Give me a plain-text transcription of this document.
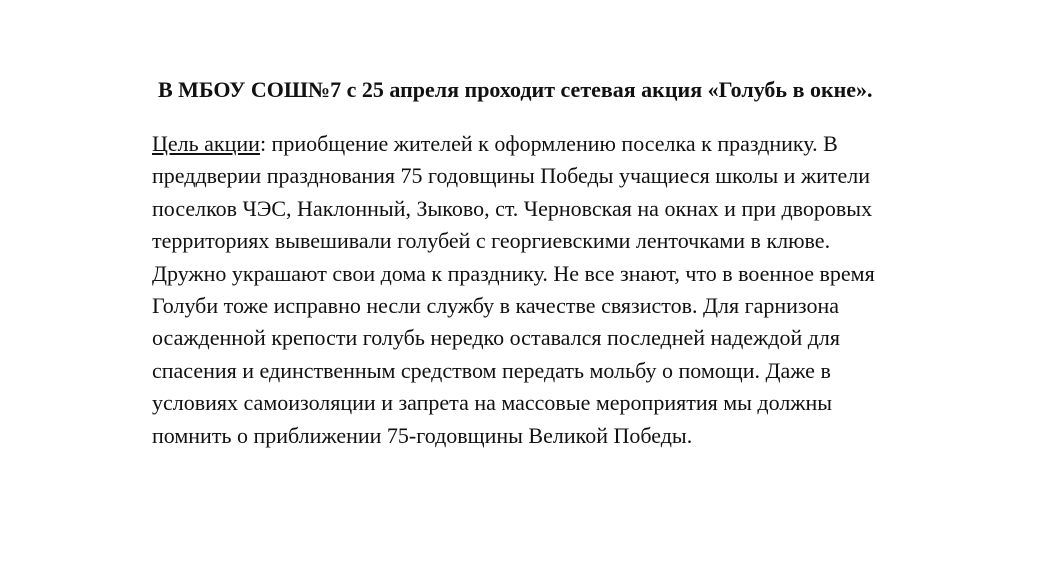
В МБОУ СОШ№7 с 25 апреля проходит сетевая акция «Голубь в окне».
Цель акции: приобщение жителей к оформлению поселка к празднику. В
преддверии празднования 75 годовщины Победы учащиеся школы и жители
поселков ЧЭС, Наклонный, Зыково, ст. Черновская на окнах и при дворовых
территориях вывешивали голубей с георгиевскими ленточками в клюве.
Дружно украшают свои дома к празднику. Не все знают, что в военное время
Голуби тоже исправно несли службу в качестве связистов. Для гарнизона
осажденной крепости голубь нередко оставался последней надеждой для
спасения и единственным средством передать мольбу о помощи. Даже в
условиях самоизоляции и запрета на массовые мероприятия мы должны
помнить о приближении 75-годовщины Великой Победы.
